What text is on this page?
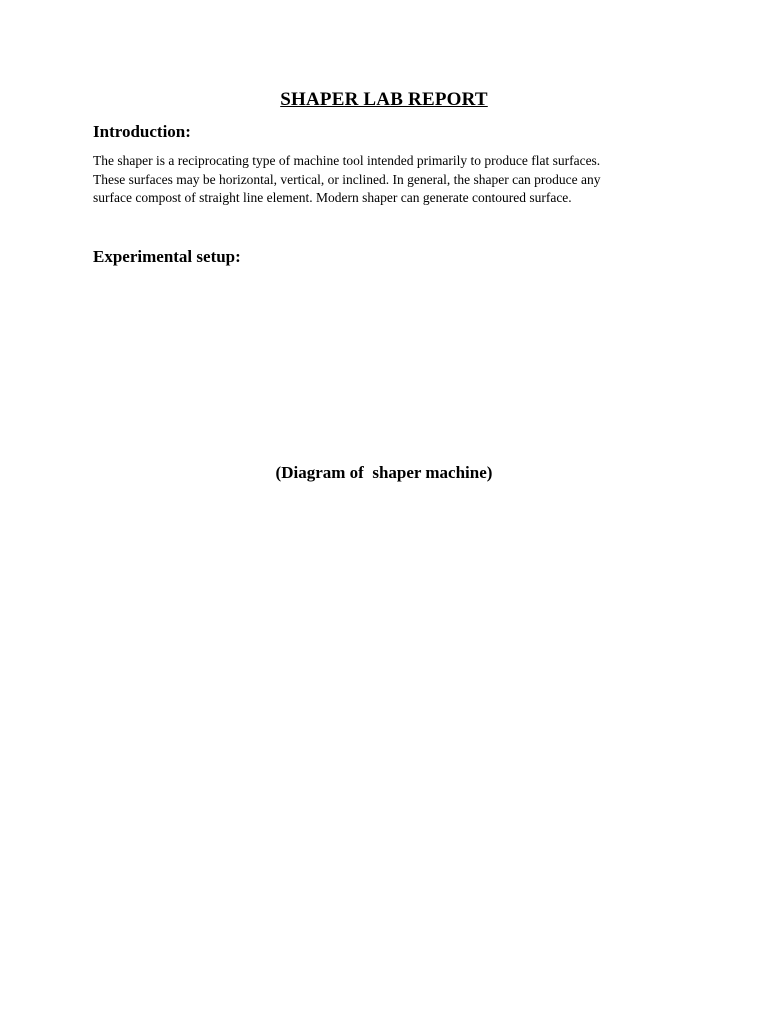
SHAPER LAB REPORT
Introduction:

The shaper is a reciprocating type of machine tool intended primarily to produce flat surfaces.
These surfaces may be horizontal, vertical, or inclined. In general, the shaper can produce any
surface compost of straight line element. Modern shaper can generate contoured surface.

Experimental setup:

(Diagram of  shaper machine)
